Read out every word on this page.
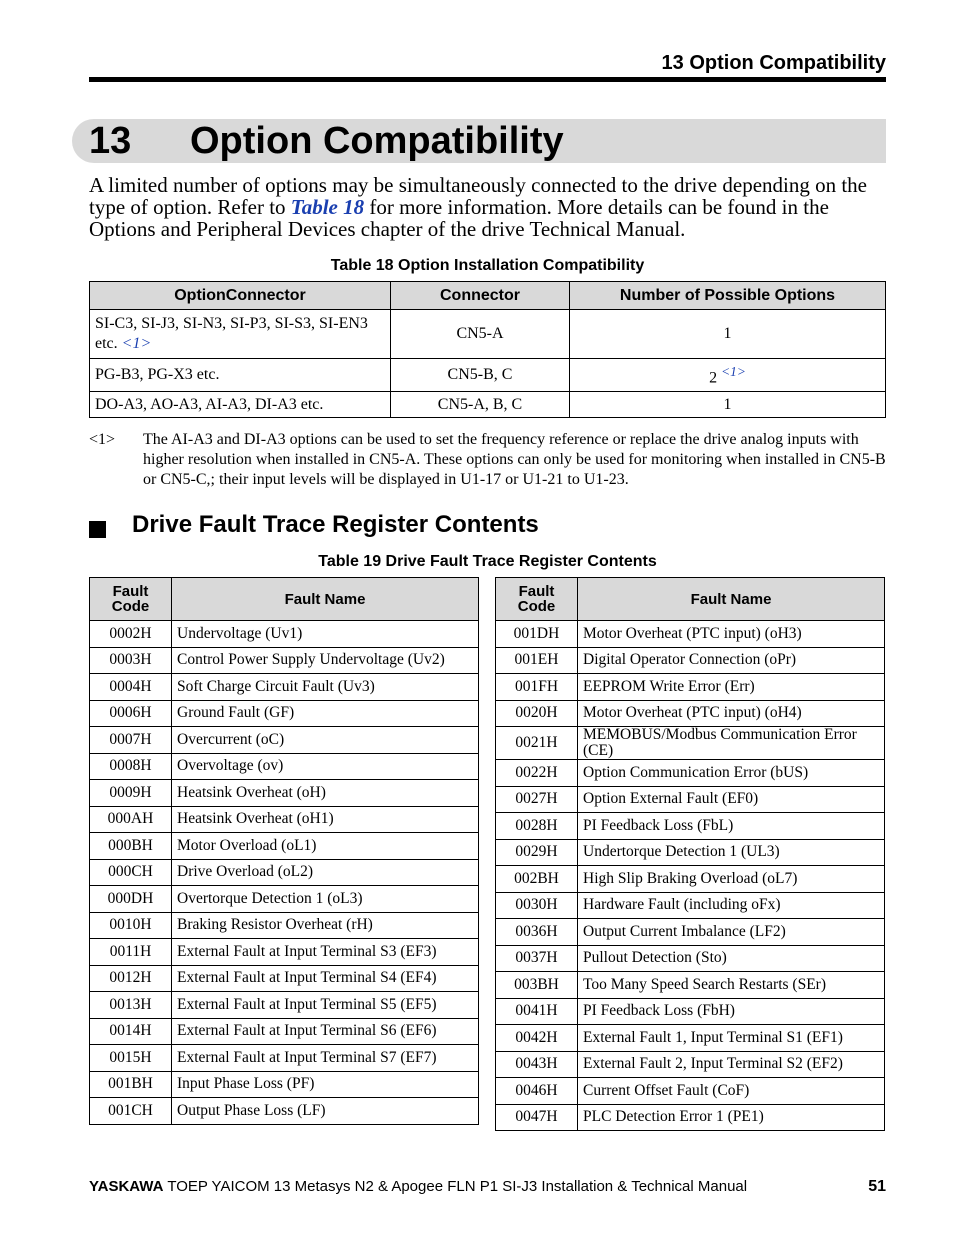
13 Option Compatibility
13 Option Compatibility

A limited number of options may be simultaneously connected to the drive depending on the type of option. Refer to Table 18 for more information. More details can be found in the Options and Peripheral Devices chapter of the drive Technical Manual.

Table 18 Option Installation Compatibility
OptionConnector	Connector	Number of Possible Options
SI-C3, SI-J3, SI-N3, SI-P3, SI-S3, SI-EN3 etc. <1>	CN5-A	1
PG-B3, PG-X3 etc.	CN5-B, C	2 $^{<1>}$
DO-A3, AO-A3, AI-A3, DI-A3 etc.	CN5-A, B, C	1
<1> The AI-A3 and DI-A3 options can be used to set the frequency reference or replace the drive analog inputs with higher resolution when installed in CN5-A. These options can only be used for monitoring when installed in CN5-B or CN5-C,; their input levels will be displayed in U1-17 or U1-21 to U1-23.
Drive Fault Trace Register Contents
Table 19 Drive Fault Trace Register Contents
Fault
Code	Fault Name
0002H	Undervoltage (Uv1)
0003H	Control Power Supply Undervoltage (Uv2)
0004H	Soft Charge Circuit Fault (Uv3)
0006H	Ground Fault (GF)
0007H	Overcurrent (oC)
0008H	Overvoltage (ov)
0009H	Heatsink Overheat (oH)
000AH	Heatsink Overheat (oH1)
000BH	Motor Overload (oL1)
000CH	Drive Overload (oL2)
000DH	Overtorque Detection 1 (oL3)
0010H	Braking Resistor Overheat (rH)
0011H	External Fault at Input Terminal S3 (EF3)
0012H	External Fault at Input Terminal S4 (EF4)
0013H	External Fault at Input Terminal S5 (EF5)
0014H	External Fault at Input Terminal S6 (EF6)
0015H	External Fault at Input Terminal S7 (EF7)
001BH	Input Phase Loss (PF)
001CH	Output Phase Loss (LF)
Fault
Code	Fault Name
001DH	Motor Overheat (PTC input) (oH3)
001EH	Digital Operator Connection (oPr)
001FH	EEPROM Write Error (Err)
0020H	Motor Overheat (PTC input) (oH4)
0021H	MEMOBUS/Modbus Communication Error (CE)
0022H	Option Communication Error (bUS)
0027H	Option External Fault (EF0)
0028H	PI Feedback Loss (FbL)
0029H	Undertorque Detection 1 (UL3)
002BH	High Slip Braking Overload (oL7)
0030H	Hardware Fault (including oFx)
0036H	Output Current Imbalance (LF2)
0037H	Pullout Detection (Sto)
003BH	Too Many Speed Search Restarts (SEr)
0041H	PI Feedback Loss (FbH)
0042H	External Fault 1, Input Terminal S1 (EF1)
0043H	External Fault 2, Input Terminal S2 (EF2)
0046H	Current Offset Fault (CoF)
0047H	PLC Detection Error 1 (PE1)
YASKAWA TOEP YAICOM 13 Metasys N2 & Apogee FLN P1 SI-J3 Installation & Technical Manual	51
